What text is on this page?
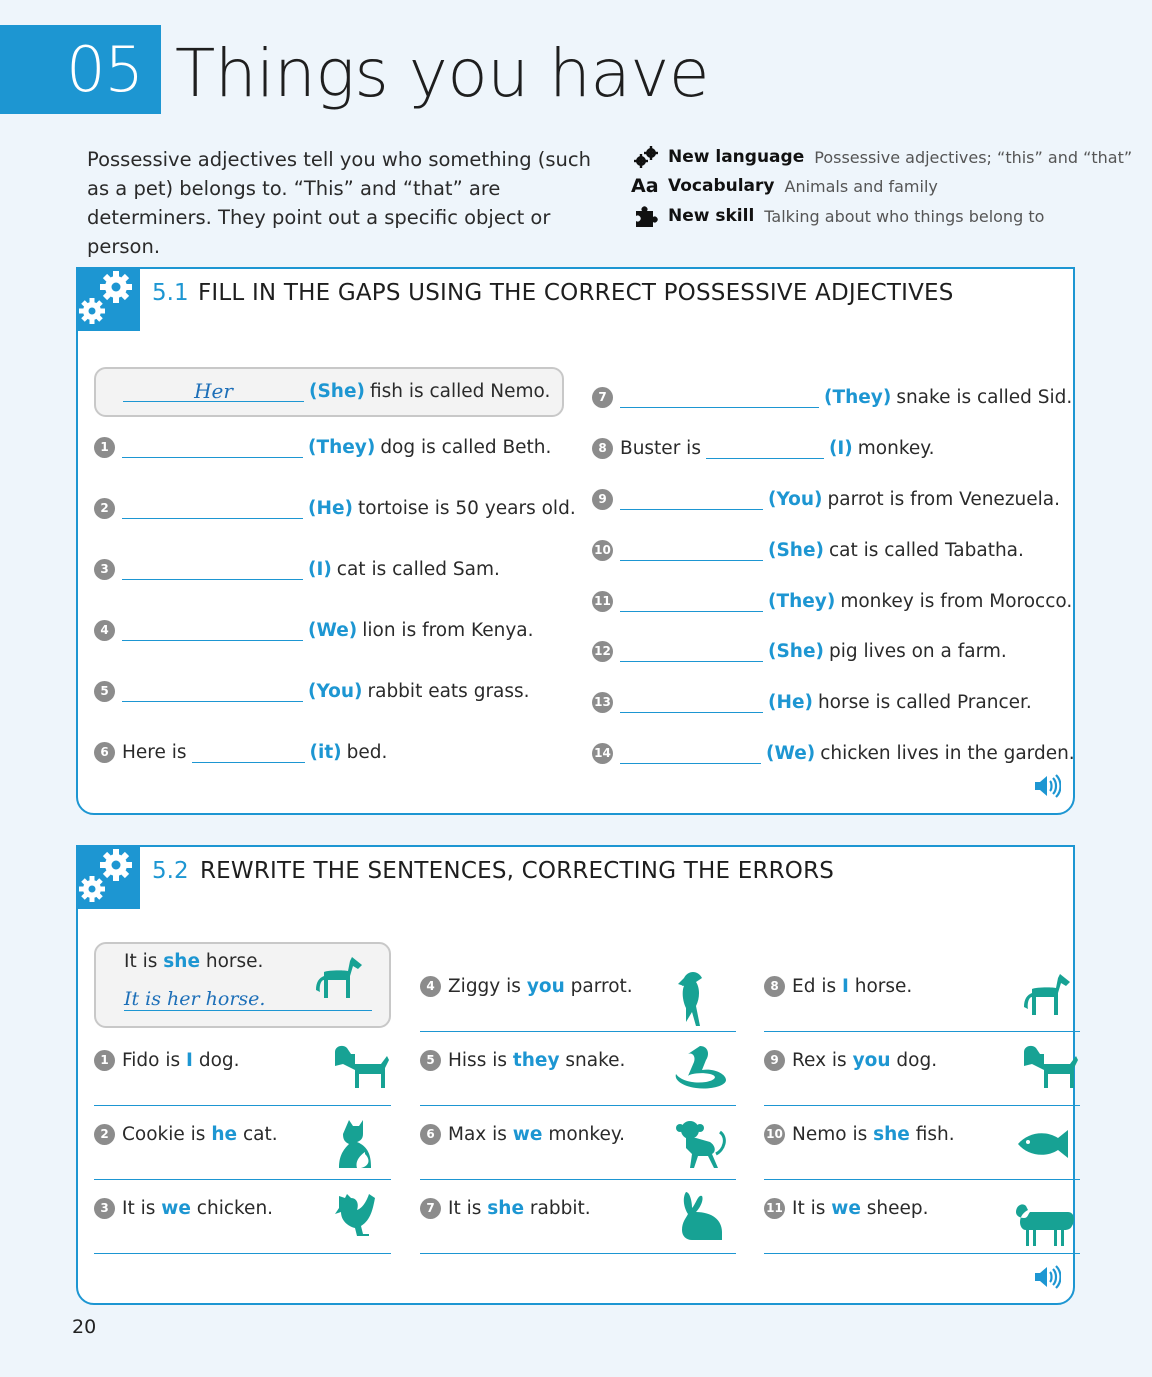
05 Things you have
Possessive adjectives tell you who something (such as a pet) belongs to. “This” and “that” are determiners. They point out a specific object or person.
New language Possessive adjectives; “this” and “that”
Aa Vocabulary Animals and family
New skill Talking about who things belong to
5.1 FILL IN THE GAPS USING THE CORRECT POSSESSIVE ADJECTIVES
Her	(She) fish is called Nemo.
1	(They) dog is called Beth.
2	(He) tortoise is 50 years old.
3	(I) cat is called Sam.
4	(We) lion is from Kenya.
5	(You) rabbit eats grass.
6 Here is	(it) bed.
7	(They) snake is called Sid.
8 Buster is	(I) monkey.
9	(You) parrot is from Venezuela.
10	(She) cat is called Tabatha.
11	(They) monkey is from Morocco.
12	(She) pig lives on a farm.
13	(He) horse is called Prancer.
14	(We) chicken lives in the garden.
5.2 REWRITE THE SENTENCES, CORRECTING THE ERRORS
It is she horse.
It is her horse.
1 Fido is
I
dog.
2 Cookie is
he
cat.
3 It is
we
chicken.
4 Ziggy is
you
parrot.
5 Hiss is
they
snake.
6 Max is
we
monkey.
7 It is
she
rabbit.
8 Ed is
I
horse.
9 Rex is
you
dog.
10 Nemo is
she
fish.
11 It is
we
sheep.
20
